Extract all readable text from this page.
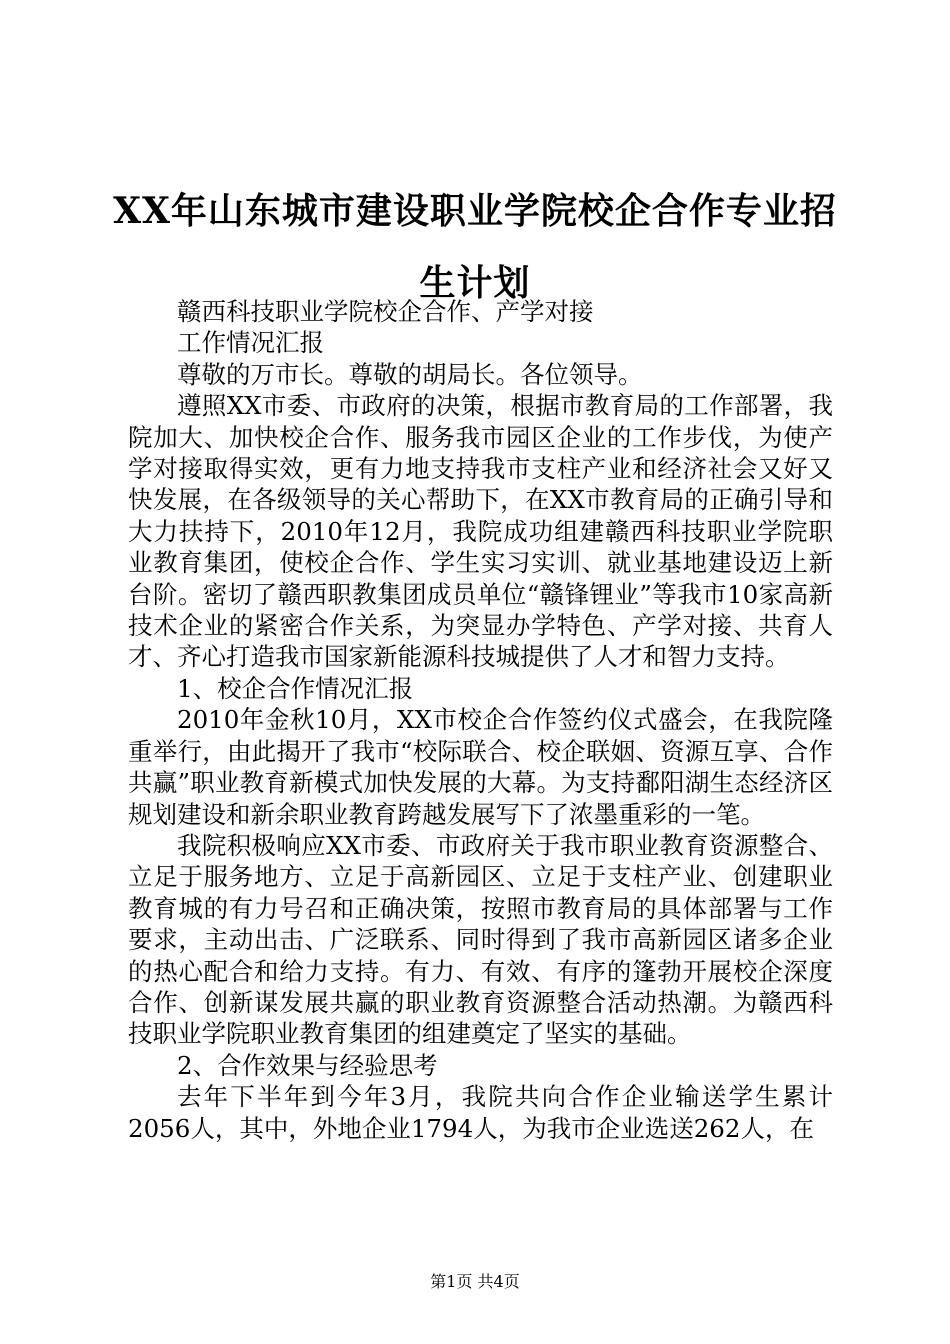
XX年山东城市建设职业学院校企合作专业招
生计划

赣西科技职业学院校企合作、产学对接

工作情况汇报

尊敬的万市长。尊敬的胡局长。各位领导。

遵照XX市委、市政府的决策，根据市教育局的工作部署，我院加大、加快校企合作、服务我市园区企业的工作步伐，为使产学对接取得实效，更有力地支持我市支柱产业和经济社会又好又快发展，在各级领导的关心帮助下，在XX市教育局的正确引导和大力扶持下，2010年12月，我院成功组建赣西科技职业学院职业教育集团，使校企合作、学生实习实训、就业基地建设迈上新台阶。密切了赣西职教集团成员单位“赣锋锂业”等我市10家高新技术企业的紧密合作关系，为突显办学特色、产学对接、共育人才、齐心打造我市国家新能源科技城提供了人才和智力支持。

1、校企合作情况汇报

2010年金秋10月，XX市校企合作签约仪式盛会，在我院隆重举行，由此揭开了我市“校际联合、校企联姻、资源互享、合作共赢”职业教育新模式加快发展的大幕。为支持鄱阳湖生态经济区规划建设和新余职业教育跨越发展写下了浓墨重彩的一笔。

我院积极响应XX市委、市政府关于我市职业教育资源整合、立足于服务地方、立足于高新园区、立足于支柱产业、创建职业教育城的有力号召和正确决策，按照市教育局的具体部署与工作要求，主动出击、广泛联系、同时得到了我市高新园区诸多企业的热心配合和给力支持。有力、有效、有序的篷勃开展校企深度合作、创新谋发展共赢的职业教育资源整合活动热潮。为赣西科技职业学院职业教育集团的组建奠定了坚实的基础。

2、合作效果与经验思考

去年下半年到今年3月，我院共向合作企业输送学生累计2056人，其中，外地企业1794人，为我市企业选送262人，在

第1页 共4页
